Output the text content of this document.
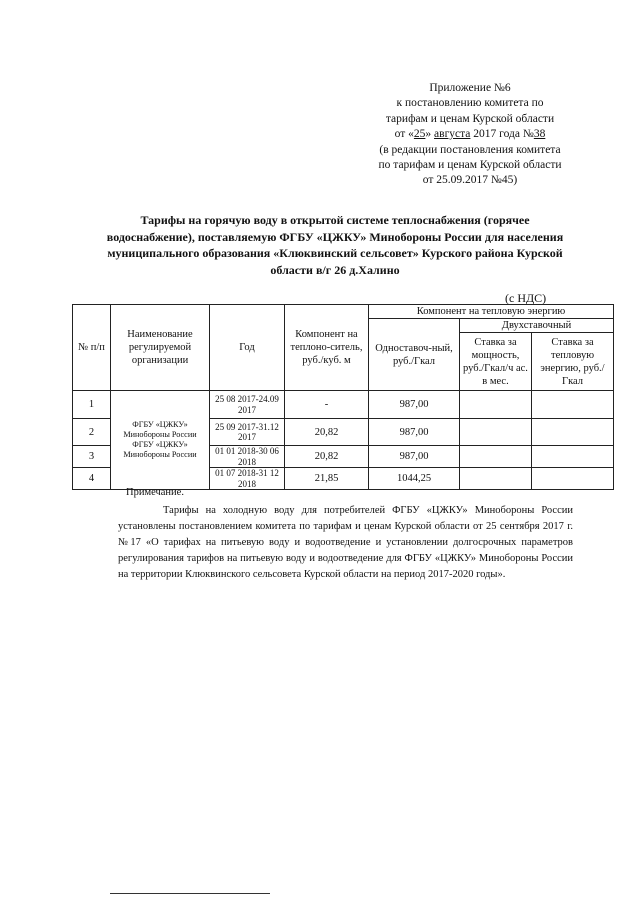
Приложение №6
к постановлению комитета по
тарифам и ценам Курской области
от «25» августа 2017 года №38
(в редакции постановления комитета
по тарифам и ценам Курской области
от 25.09.2017 №45)
Тарифы на горячую воду в открытой системе теплоснабжения (горячее водоснабжение), поставляемую ФГБУ «ЦЖКУ» Минобороны России для населения муниципального образования «Клюквинский сельсовет» Курского района Курской области в/г 26 д.Халино
(с НДС)
№ п/п	Наименование регулируемой организации	Год	Компонент на теплоно-ситель, руб./куб. м	Компонент на тепловую энергию		
				Одноставоч-ный, руб./Гкал	Двухставочный	
					Ставка за мощность, руб./Гкал/ч ас. в мес.	Ставка за тепловую энергию, руб./Гкал
1	ФГБУ «ЦЖКУ» Минобороны России ФГБУ «ЦЖКУ» Минобороны России	25 08 2017-24.09 2017	-	987,00		
2		25 09 2017-31.12 2017	20,82	987,00		
3		01 01 2018-30 06 2018	20,82	987,00		
4		01 07 2018-31 12 2018	21,85	1044,25		
Примечание.
Тарифы на холодную воду для потребителей ФГБУ «ЦЖКУ» Минобороны России установлены постановлением комитета по тарифам и ценам Курской области от 25 сентября 2017 г. №17 «О тарифах на питьевую воду и водоотведение и установлении долгосрочных параметров регулирования тарифов на питьевую воду и водоотведение для ФГБУ «ЦЖКУ» Минобороны России на территории Клюквинского сельсовета Курской области на период 2017-2020 годы».
